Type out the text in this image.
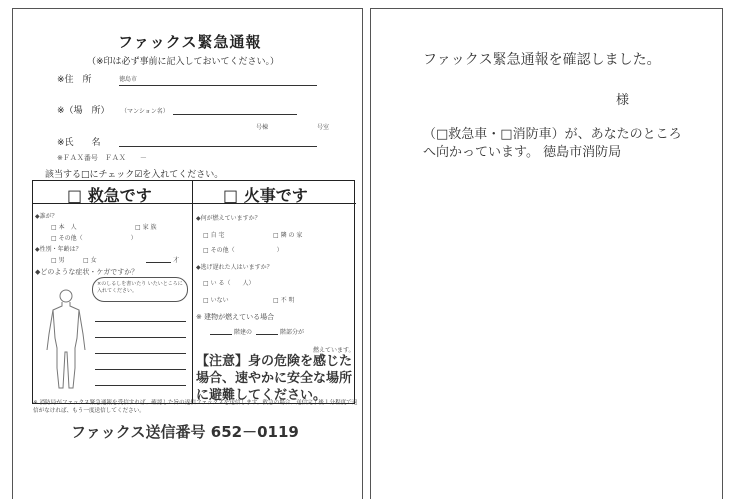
ファックス緊急通報
（※印は必ず事前に記入しておいてください。）
※住　所	徳島市
※（場　所） （マンション名）
号棟	号室
※氏　　名
※ＦＡＸ番号　ＦＡＸ　　－
該当する□にチェック☑を入れてください。
□ 救急です	□ 火事です
◆誰が？
□ 本　人	□ 家 族
□ その他（　　　　　　　　）
◆性別・年齢は？
□ 男	□ 女	才
◆どのような症状・ケガですか？
×のしるしを書いたり いたいところに入れてください。
◆何が燃えていますか？
□ 自 宅	□ 隣 の 家
□ その他（　　　　　　　）
◆逃げ遅れた人はいますか？
□ い る（　　人）
□ いない	□ 不 明
※ 建物が燃えている場合
階建の	階部分が
燃えています。
【注意】身の危険を感じた場合、速やかに安全な場所に避難してください。
※ 消防局がファックス緊急通報を受信すれば、確認した旨の返信ファックスを送信します。救急の場合、送信完了後１分程度で返信がなければ、もう一度送信してください。
ファックス送信番号 652－0119
ファックス緊急通報を確認しました。
様
（□救急車・□消防車）が、あなたのところ
へ向かっています。 徳島市消防局
